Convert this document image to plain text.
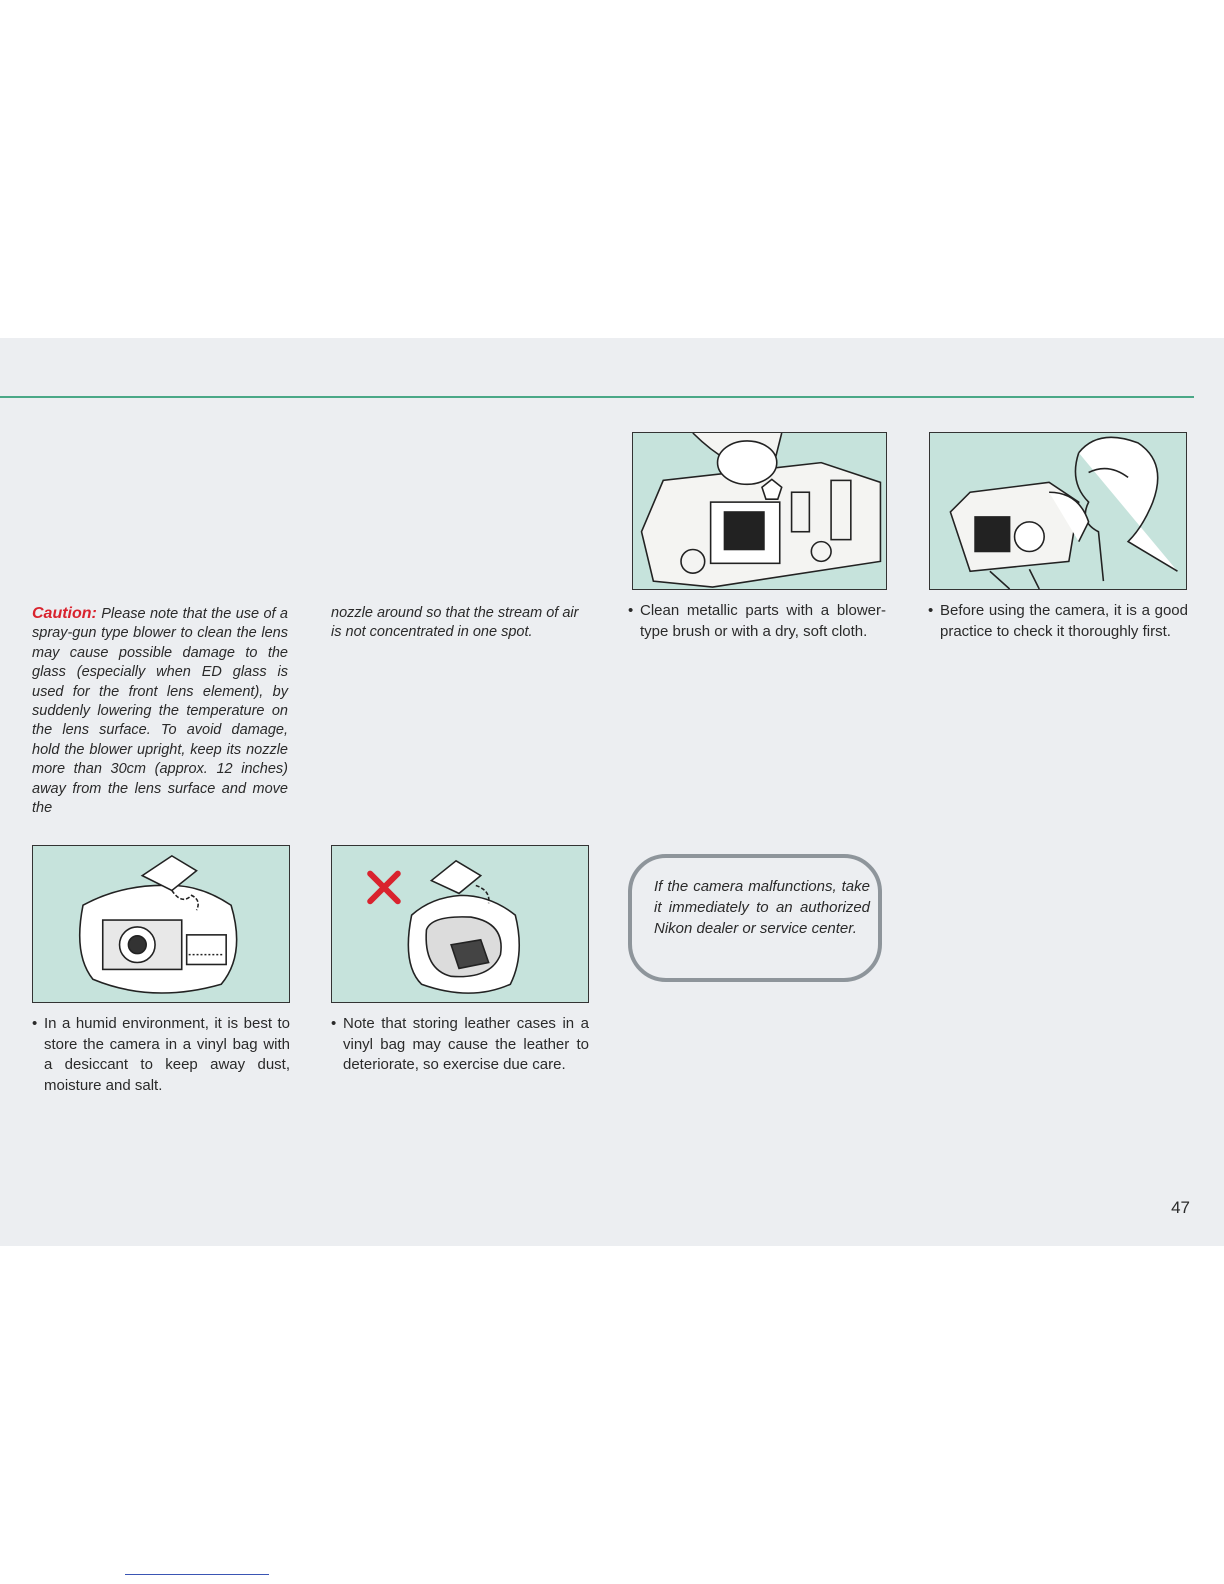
Caution: Please note that the use of a spray-gun type blower to clean the lens may cause possible damage to the glass (especially when ED glass is used for the front lens element), by suddenly lowering the temperature on the lens surface. To avoid damage, hold the blower upright, keep its nozzle more than 30cm (approx. 12 inches) away from the lens surface and move the
nozzle around so that the stream of air is not concentrated in one spot.
• Clean metallic parts with a blower-type brush or with a dry, soft cloth.
• Before using the camera, it is a good practice to check it thoroughly first.
• In a humid environment, it is best to store the camera in a vinyl bag with a desiccant to keep away dust, moisture and salt.
• Note that storing leather cases in a vinyl bag may cause the leather to deteriorate, so exercise due care.
If the camera malfunctions, take it immediately to an authorized Nikon dealer or service center.
47
